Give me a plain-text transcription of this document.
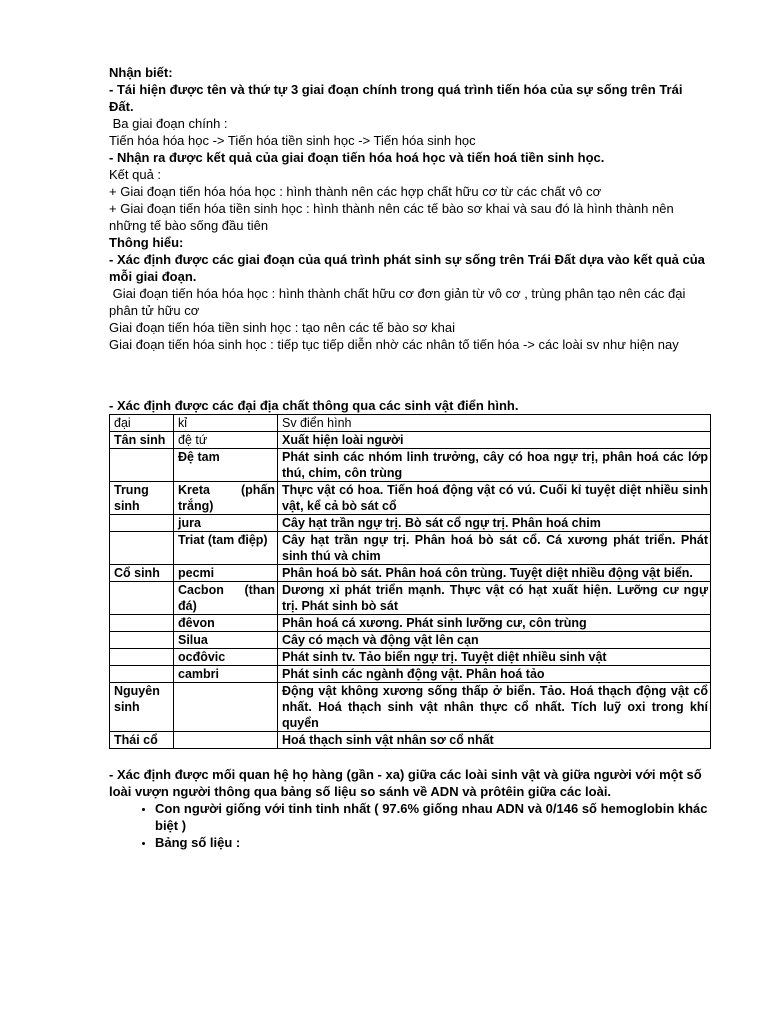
Nhận biết:

- Tái hiện được tên và thứ tự 3 giai đoạn chính trong quá trình tiến hóa của sự sống trên Trái Đất.

Ba giai đoạn chính :

Tiến hóa hóa học -> Tiến hóa tiền sinh học -> Tiến hóa sinh học

- Nhận ra được kết quả của giai đoạn tiến hóa hoá học và tiến hoá tiền sinh học.

Kết quả :

+ Giai đoạn tiến hóa hóa học : hình thành nên các hợp chất hữu cơ từ các chất vô cơ

+ Giai đoạn tiến hóa tiền sinh học : hình thành nên các tế bào sơ khai và sau đó là hình thành nên những tế bào sống đầu tiên

Thông hiểu:

- Xác định được các giai đoạn của quá trình phát sinh sự sống trên Trái Đất dựa vào kết quả của mỗi giai đoạn.

Giai đoạn tiến hóa hóa học : hình thành chất hữu cơ đơn giản từ vô cơ , trùng phân tạo nên các đại phân tử hữu cơ

Giai đoạn tiến hóa tiền sinh học : tạo nên các tế bào sơ khai

Giai đoạn tiến hóa sinh học : tiếp tục tiếp diễn nhờ các nhân tố tiến hóa -> các loài sv như hiện nay

- Xác định được các đại địa chất thông qua các sinh vật điển hình.

đại	kỉ	Sv điển hình
Tân sinh	đệ tứ	Xuất hiện loài người
	Đệ tam	Phát sinh các nhóm linh trưởng, cây có hoa ngự trị, phân hoá các lớp thú, chim, côn trùng
Trung sinh	Kreta (phấn trắng)	Thực vật có hoa. Tiến hoá động vật có vú. Cuối kỉ tuyệt diệt nhiều sinh vật, kể cả bò sát cổ
	jura	Cây hạt trần ngự trị. Bò sát cổ ngự trị. Phân hoá chim
	Triat (tam điệp)	Cây hạt trần ngự trị. Phân hoá bò sát cổ. Cá xương phát triển. Phát sinh thú và chim
Cổ sinh	pecmi	Phân hoá bò sát. Phân hoá côn trùng. Tuyệt diệt nhiều động vật biển.
	Cacbon (than đá)	Dương xỉ phát triển mạnh. Thực vật có hạt xuất hiện. Lưỡng cư ngự trị. Phát sinh bò sát
	đêvon	Phân hoá cá xương. Phát sinh lưỡng cư, côn trùng
	Silua	Cây có mạch và động vật lên cạn
	ocđôvic	Phát sinh tv. Tảo biển ngự trị. Tuyệt diệt nhiều sinh vật
	cambri	Phát sinh các ngành động vật. Phân hoá tảo
Nguyên sinh		Động vật không xương sống thấp ở biển. Tảo. Hoá thạch động vật cổ nhất. Hoá thạch sinh vật nhân thực cổ nhất. Tích luỹ oxi trong khí quyển
Thái cổ		Hoá thạch sinh vật nhân sơ cổ nhất

- Xác định được mối quan hệ họ hàng (gần - xa) giữa các loài sinh vật và giữa người với một số loài vượn người thông qua bảng số liệu so sánh về ADN và prôtêin giữa các loài.

• Con người giống với tinh tinh nhất ( 97.6% giống nhau ADN và 0/146 số hemoglobin khác biệt )
• Bảng số liệu :
